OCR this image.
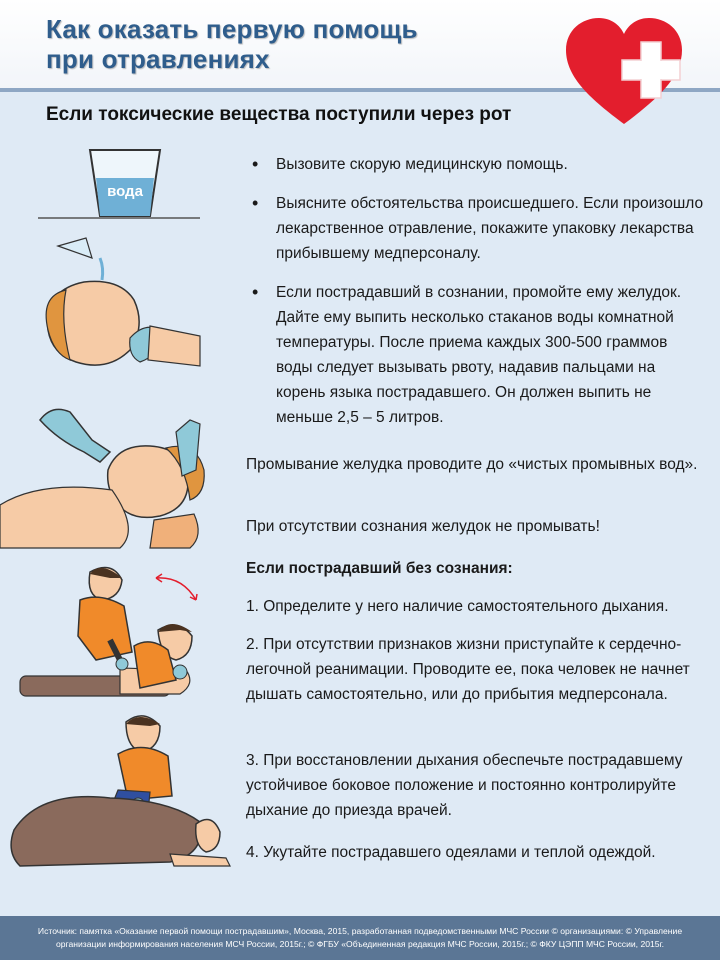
Как оказать первую помощь
при отравлениях
Если токсические вещества поступили через рот
вода
• Вызовите скорую медицинскую помощь.
• Выясните обстоятельства происшедшего. Если произошло лекарственное отравление, покажите упаковку лекарства прибывшему медперсоналу.
• Если пострадавший в сознании, промойте ему желудок. Дайте ему выпить несколько стаканов воды комнатной температуры. После приема каждых 300-500 граммов воды следует вызывать рвоту, надавив пальцами на корень языка пострадавшего. Он должен выпить не меньше 2,5 – 5 литров.

Промывание желудка проводите до «чистых промывных вод».

При отсутствии сознания желудок не промывать!

Если пострадавший без сознания:

1. Определите у него наличие самостоятельного дыхания.

2. При отсутствии признаков жизни приступайте к сердечно-легочной реанимации. Проводите ее, пока человек не начнет дышать самостоятельно, или до прибытия медперсонала.

3. При восстановлении дыхания обеспечьте пострадавшему устойчивое боковое положение и постоянно контролируйте дыхание до приезда врачей.

4. Укутайте пострадавшего одеялами и теплой одеждой.

Источник: памятка «Оказание первой помощи пострадавшим», Москва, 2015, разработанная подведомственными МЧС России © организациями: © Управление организации информирования населения МСЧ России, 2015г.; © ФГБУ «Объединенная редакция МЧС России, 2015г.; © ФКУ ЦЭПП МЧС России, 2015г.
